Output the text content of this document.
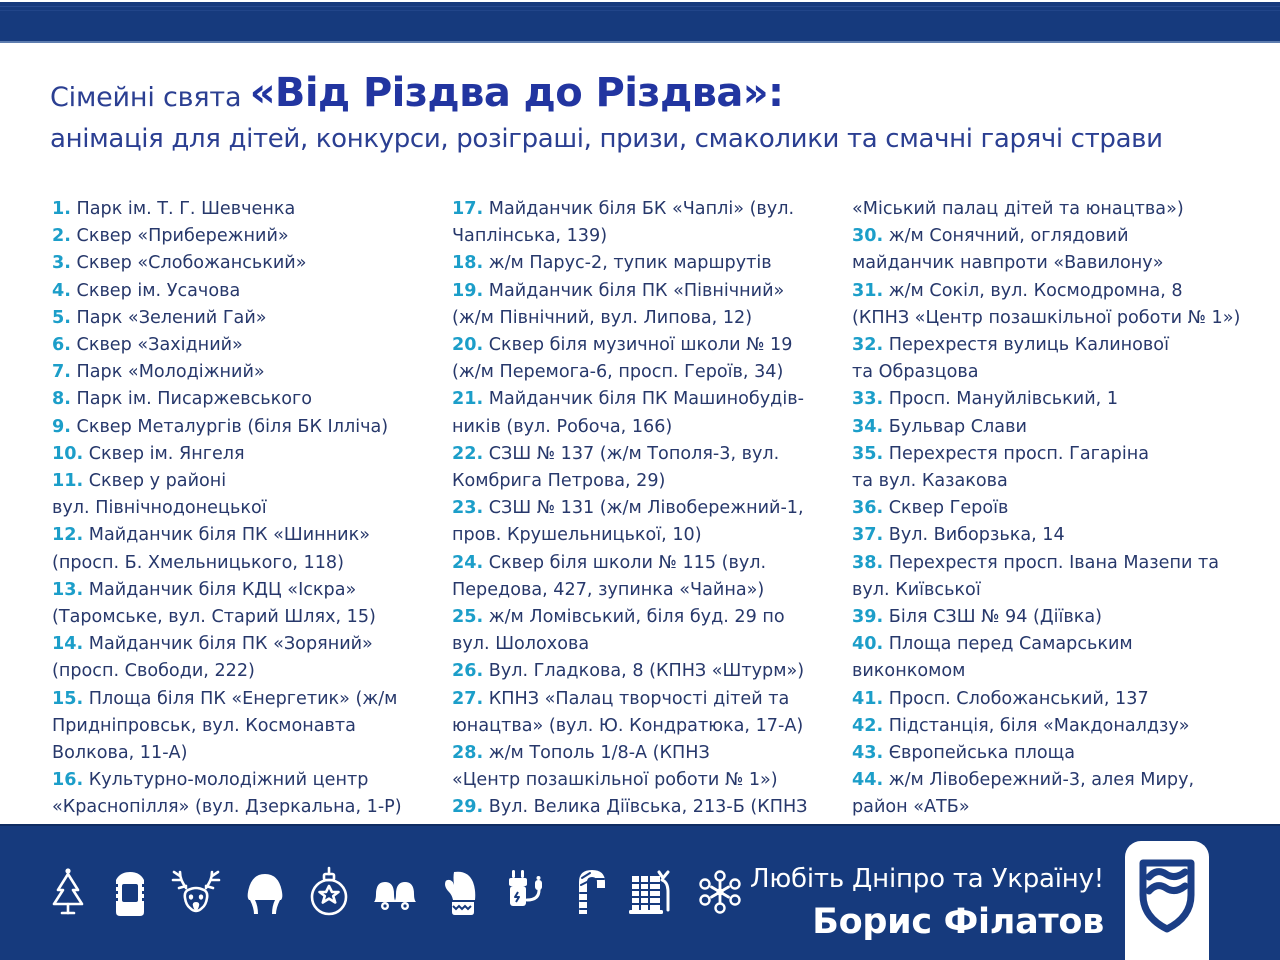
Сімейні свята «Від Різдва до Різдва»:
анімація для дітей, конкурси, розіграші, призи, смаколики та смачні гарячі страви
1. Парк ім. Т. Г. Шевченка
2. Сквер «Прибережний»
3. Сквер «Слобожанський»
4. Сквер ім. Усачова
5. Парк «Зелений Гай»
6. Сквер «Західний»
7. Парк «Молодіжний»
8. Парк ім. Писаржевського
9. Сквер Металургів (біля БК Ілліча)
10. Сквер ім. Янгеля
11. Сквер у районі
вул. Північнодонецької
12. Майданчик біля ПК «Шинник»
(просп. Б. Хмельницького, 118)
13. Майданчик біля КДЦ «Іскра»
(Таромське, вул. Старий Шлях, 15)
14. Майданчик біля ПК «Зоряний»
(просп. Свободи, 222)
15. Площа біля ПК «Енергетик» (ж/м
Придніпровськ, вул. Космонавта
Волкова, 11-А)
16. Культурно-молодіжний центр
«Краснопілля» (вул. Дзеркальна, 1-Р)
17. Майданчик біля БК «Чаплі» (вул.
Чаплінська, 139)
18. ж/м Парус-2, тупик маршрутів
19. Майданчик біля ПК «Північний»
(ж/м Північний, вул. Липова, 12)
20. Сквер біля музичної школи № 19
(ж/м Перемога-6, просп. Героїв, 34)
21. Майданчик біля ПК Машинобудів-
ників (вул. Робоча, 166)
22. СЗШ № 137 (ж/м Тополя-3, вул.
Комбрига Петрова, 29)
23. СЗШ № 131 (ж/м Лівобережний-1,
пров. Крушельницької, 10)
24. Сквер біля школи № 115 (вул.
Передова, 427, зупинка «Чайна»)
25. ж/м Ломівський, біля буд. 29 по
вул. Шолохова
26. Вул. Гладкова, 8 (КПНЗ «Штурм»)
27. КПНЗ «Палац творчості дітей та
юнацтва» (вул. Ю. Кондратюка, 17-А)
28. ж/м Тополь 1/8-А (КПНЗ
«Центр позашкільної роботи № 1»)
29. Вул. Велика Діївська, 213-Б (КПНЗ
«Міський палац дітей та юнацтва»)
30. ж/м Сонячний, оглядовий
майданчик навпроти «Вавилону»
31. ж/м Сокіл, вул. Космодромна, 8
(КПНЗ «Центр позашкільної роботи № 1»)
32. Перехрестя вулиць Калинової
та Образцова
33. Просп. Мануйлівський, 1
34. Бульвар Слави
35. Перехрестя просп. Гагаріна
та вул. Казакова
36. Сквер Героїв
37. Вул. Виборзька, 14
38. Перехрестя просп. Івана Мазепи та
вул. Київської
39. Біля СЗШ № 94 (Діївка)
40. Площа перед Самарським
виконкомом
41. Просп. Слобожанський, 137
42. Підстанція, біля «Макдоналдзу»
43. Європейська площа
44. ж/м Лівобережний-3, алея Миру,
район «АТБ»
Любіть Дніпро та Україну!
Борис Філатов
